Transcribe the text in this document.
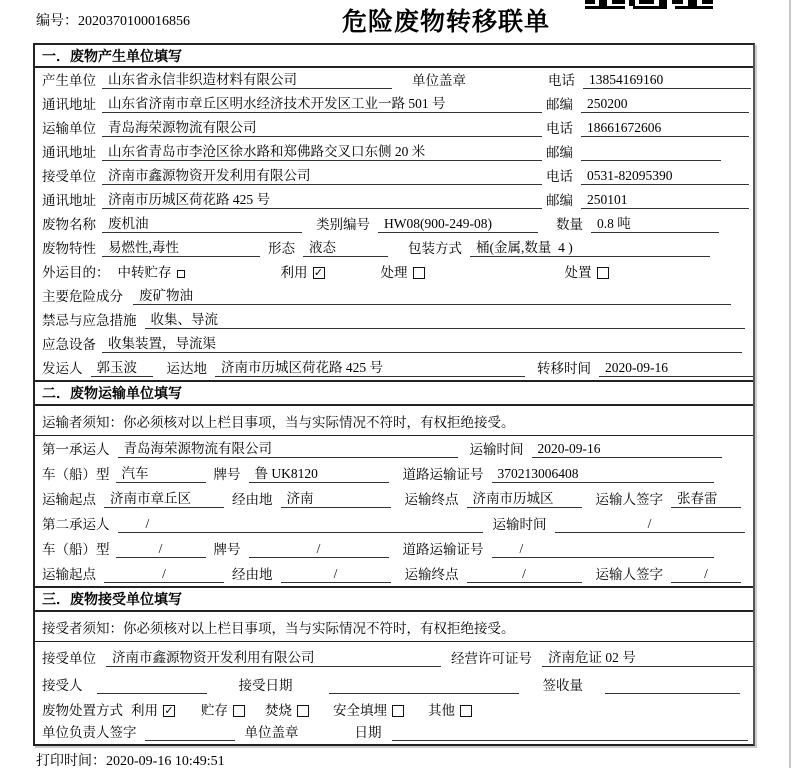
编号：2020370100016856	危险废物转移联单
一．废物产生单位填写
产生单位 山东省永信非织造材料有限公司	单位盖章	电话	13854169160
通讯地址 山东省济南市章丘区明水经济技术开发区工业一路 501 号	邮编	250200
运输单位 青岛海荣源物流有限公司	电话	18661672606
通讯地址 山东省青岛市李沧区徐水路和郑佛路交叉口东侧 20 米	邮编
接受单位 济南市鑫源物资开发利用有限公司	电话	0531-82095390
通讯地址 济南市历城区荷花路 425 号	邮编	250101
废物名称 废机油	类别编号	HW08(900-249-08)	数量	0.8 吨
废物特性 易燃性,毒性	形态	液态	包装方式	桶(金属,数量  4 )
外运目的： 中转贮存	利用 ✓	处理	处置
主要危险成分	废矿物油
禁忌与应急措施	收集、导流
应急设备 收集装置，导流渠
发运人	郭玉波	运达地	济南市历城区荷花路 425 号	转移时间	2020-09-16
二．废物运输单位填写
运输者须知：你必须核对以上栏目事项，当与实际情况不符时，有权拒绝接受。
第一承运人	青岛海荣源物流有限公司	运输时间	2020-09-16
车（船）型 汽车	牌号	鲁 UK8120	道路运输证号	370213006408
运输起点	济南市章丘区	经由地	济南	运输终点	济南市历城区	运输人签字	张春雷
第二承运人	/	运输时间	/
车（船）型	/	牌号	/	道路运输证号	/
运输起点	/	经由地	/	运输终点	/	运输人签字	/
三．废物接受单位填写
接受者须知：你必须核对以上栏目事项，当与实际情况不符时，有权拒绝接受。
接受单位	济南市鑫源物资开发利用有限公司	经营许可证号	济南危证 02 号
接受人	接受日期	签收量
废物处置方式 利用 ✓ 贮存	焚烧	安全填埋	其他
单位负责人签字	单位盖章	日期
打印时间：2020-09-16 10:49:51
